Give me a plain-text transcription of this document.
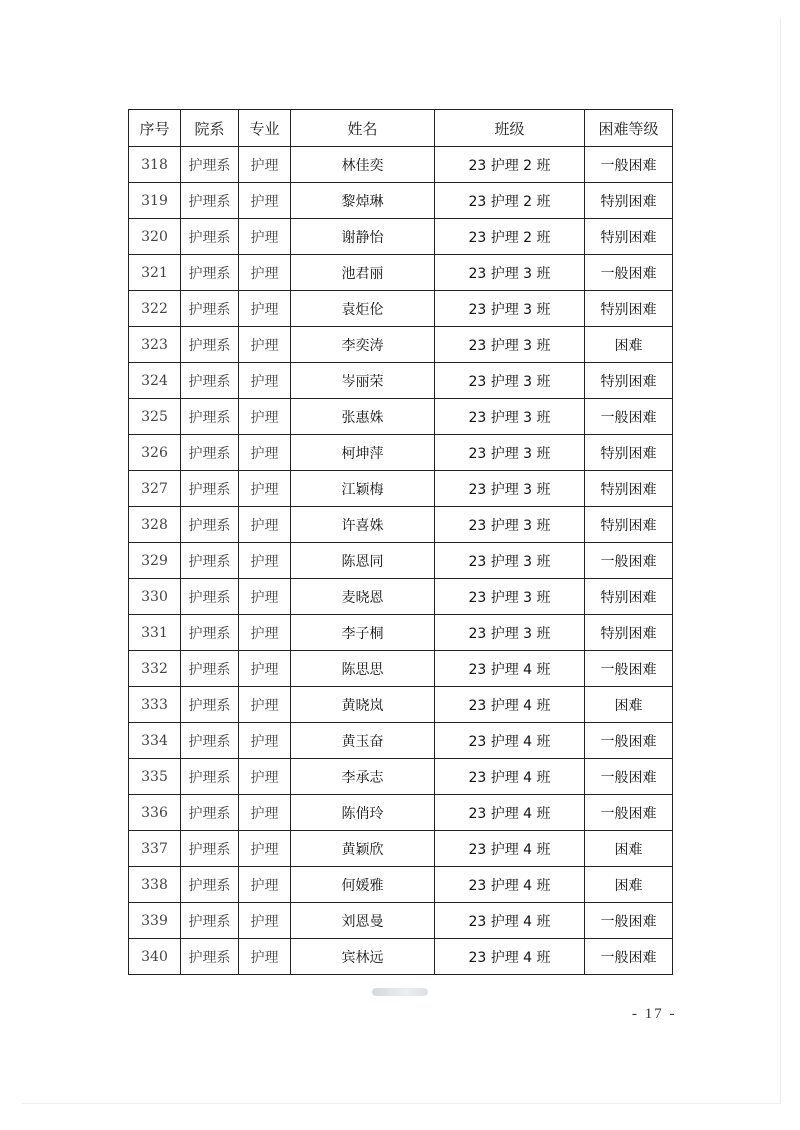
序号	院系	专业	姓名	班级	困难等级
318	护理系	护理	林佳奕	23 护理 2 班	一般困难
319	护理系	护理	黎焯琳	23 护理 2 班	特别困难
320	护理系	护理	谢静怡	23 护理 2 班	特别困难
321	护理系	护理	池君丽	23 护理 3 班	一般困难
322	护理系	护理	袁炬伦	23 护理 3 班	特别困难
323	护理系	护理	李奕涛	23 护理 3 班	困难
324	护理系	护理	岑丽荣	23 护理 3 班	特别困难
325	护理系	护理	张惠姝	23 护理 3 班	一般困难
326	护理系	护理	柯坤萍	23 护理 3 班	特别困难
327	护理系	护理	江颖梅	23 护理 3 班	特别困难
328	护理系	护理	许喜姝	23 护理 3 班	特别困难
329	护理系	护理	陈恩同	23 护理 3 班	一般困难
330	护理系	护理	麦晓恩	23 护理 3 班	特别困难
331	护理系	护理	李子桐	23 护理 3 班	特别困难
332	护理系	护理	陈思思	23 护理 4 班	一般困难
333	护理系	护理	黄晓岚	23 护理 4 班	困难
334	护理系	护理	黄玉奋	23 护理 4 班	一般困难
335	护理系	护理	李承志	23 护理 4 班	一般困难
336	护理系	护理	陈俏玲	23 护理 4 班	一般困难
337	护理系	护理	黄颖欣	23 护理 4 班	困难
338	护理系	护理	何媛雅	23 护理 4 班	困难
339	护理系	护理	刘恩曼	23 护理 4 班	一般困难
340	护理系	护理	宾林远	23 护理 4 班	一般困难
- 17 -
